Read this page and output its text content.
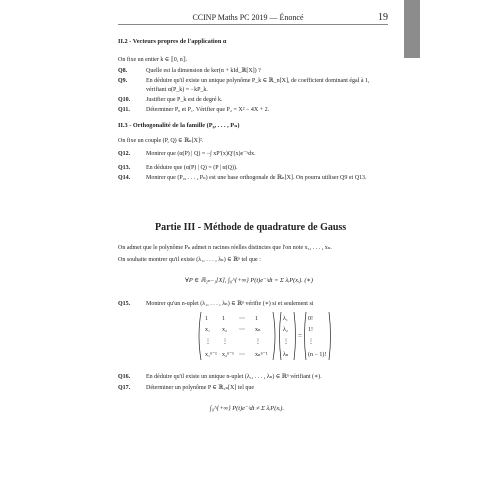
CCINP Maths PC 2019 — Énoncé	19
II.2 - Vecteurs propres de l'application α
On fixe un entier k ∈ ⟦0, n⟧.
Q8.	Quelle est la dimension de ker(α + kId_ℝ[X]) ?
Q9.	En déduire qu'il existe un unique polynôme P_k ∈ ℝ_n[X], de coefficient dominant égal à 1,
vérifiant α(P_k) = −kP_k.
Q10.	Justifier que P_k est de degré k.
Q11.	Déterminer P₀ et P₁. Vérifier que P₂ = X² − 4X + 2.
II.3 - Orthogonalité de la famille (P₀, . . . , Pₙ)
On fixe un couple (P, Q) ∈ ℝₙ[X]².
Q12.	Montrer que (α(P) | Q) = −∫ xP′(x)Q′(x)e⁻ˣdx.
Q13.	En déduire que (α(P) | Q) = (P | α(Q)).
Q14.	Montrer que (P₀, . . . , Pₙ) est une base orthogonale de ℝₙ[X]. On pourra utiliser Q9 et Q13.
Partie III - Méthode de quadrature de Gauss
On admet que le polynôme Pₙ admet n racines réelles distinctes que l'on note x₁, . . . , xₙ.
On souhaite montrer qu'il existe (λ₁, . . . , λₙ) ∈ ℝⁿ tel que :
∀P ∈ ℝ₂ₙ₋₁[X], ∫₀^{+∞} P(t)e⁻ᵗdt = Σ λᵢP(xᵢ). (∗)
Q15.	Montrer qu'un n-uplet (λ₁, . . . , λₙ) ∈ ℝⁿ vérifie (∗) si et seulement si
1 1 ⋯ 1
x₁ x₂ ⋯ xₙ
⋮ ⋮	⋮
x₁ⁿ⁻¹ x₂ⁿ⁻¹ ⋯ xₙⁿ⁻¹
λ₁
λ₂
⋮
λₙ
0!
1!
⋮
(n − 1)!
=
Q16.	En déduire qu'il existe un unique n-uplet (λ₁, . . . , λₙ) ∈ ℝⁿ vérifiant (∗).
Q17.	Déterminer un polynôme P ∈ ℝ₂ₙ[X] tel que
∫₀^{+∞} P(t)e⁻ᵗdt ≠ Σ λᵢP(xᵢ).
